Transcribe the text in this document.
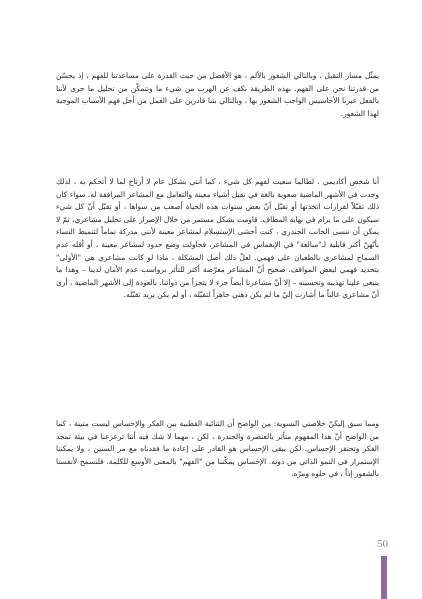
يمثّل مسار التقبل ، وبالتالي الشعور بالألم ، هو الأفضل من حيث القدرة على مساعدتنا للفهم ، إذ يحسّن من قدرتنا نحن على الفهم. بهذه الطريقة نكف عن الهرب من شيء ما ونتمكّن من تحليل ما جرى لأننا بالفعل عبرنا الأحاسيس الواجب الشعور بها ، وبالتالي بتنا قادرين على العمل من أجل فهم الأسباب الموجبة لهذا الشعور.

أنا شخص أكاديمي ، لطالما سعيت لفهم كل شيء ، كما أنني بشكل عام لا أرتاح لما لا أتحكم به ، لذلك وجدت في الأشهر الماضية صعوبة بالغة في تقبل أشياء معينة والتعامل مع المشاعر المرافقة له. سواء كان ذلك تقبّلاً لقرارات اتخذتها أو تقبّل أنّ بعض سنوات هذه الحياة أصعب من سواها ، أو تقبّل أنّ كل شيء سيكون على ما يرام في نهاية المطاف. قاومت بشكل مستمر من خلال الإصرار على تحليل مشاعري، ثمّ لا يمكن أن ننسى الجانب الجندري ، كنت أخشى الإستسلام لمشاعر معينة لأنني مدركة تماماً لتنميط النساء بأنّهنّ أكثر قابلية لـ"مبالغة" في الإنغماس في المشاعر، فحاولت وضع حدود لمشاعر معينة ، أو أقله عدم السماح لمشاعري بالطغيان على فهمي. لعلّ ذلك أصل المشكلة ، ماذا لو كانت مشاعري هي "الأولى" بتحديد فهمي لبعض المواقف. صحيح أنّ المشاعر معرّضة أكثر للتأثر برواسب عدم الأمان لدينا – وهذا ما ينبغي علينا تهذيبه وتحسينه – إلا أنّ مشاعرنا أيضاً جزء لا يتجزأ من ذواتنا. بالعودة إلى الأشهر الماضية ، أرى أنّ مشاعري غالباً ما أشارت إليّ ما لم يكن ذهني جاهزاً لتقبّله ، أو لم يكن يريد تقبّله.

ومما سبق إليكنّ خلاصتي النسوية: من الواضح أن الثنائية القطبية بين الفكر والإحساس ليست متينة ، كما من الواضح أنّ هذا المفهوم متأثر بالعنصرة والجندرة ، لكن ، مهما لا شك فيه أننا ترعرعنا في بيئة تمجد الفكر وتحتقر الإحساس. لكن يبقى الإحساس هو القادر على إعادة ما فقدناه مع مر السنين ، ولا يمكننا الإستمرار في النمو الذاتي من دونه. الإحساس يمكّننا من "الفهم" بالمعنى الأوسع للكلمة. فلنسمح لأنفسنا بالشعور إذاً ، في حلوه ومرّه.

50
